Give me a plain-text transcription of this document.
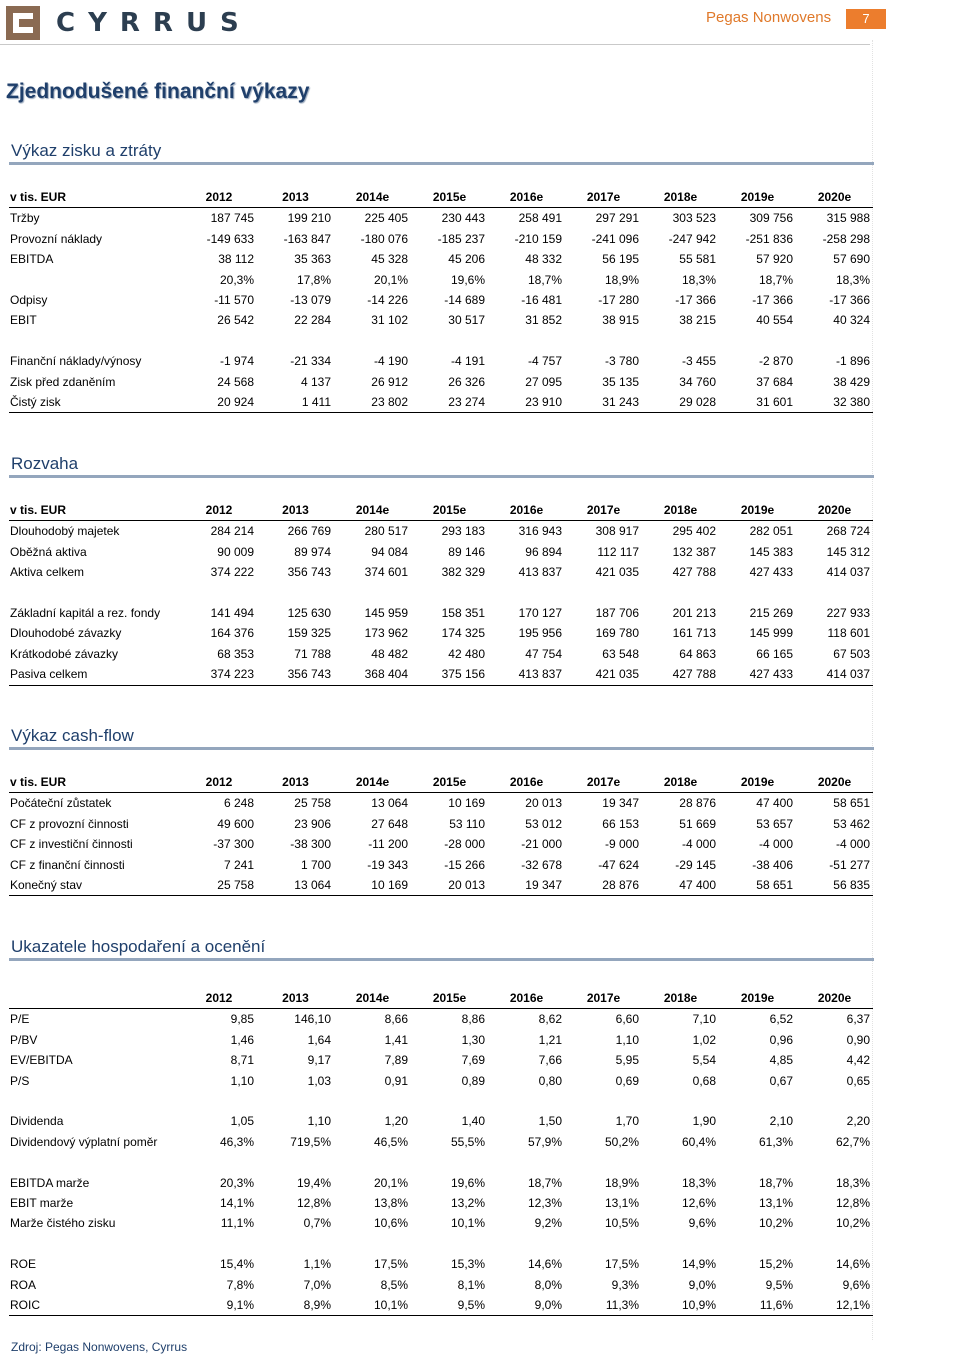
CYRRUS	Pegas Nonwovens	7
Zjednodušené finanční výkazy
Výkaz zisku a ztráty
v tis. EUR	2012	2013	2014e	2015e	2016e	2017e	2018e	2019e	2020e
Tržby	187 745	199 210	225 405	230 443	258 491	297 291	303 523	309 756	315 988
Provozní náklady	-149 633	-163 847	-180 076	-185 237	-210 159	-241 096	-247 942	-251 836	-258 298
EBITDA	38 112	35 363	45 328	45 206	48 332	56 195	55 581	57 920	57 690
	20,3%	17,8%	20,1%	19,6%	18,7%	18,9%	18,3%	18,7%	18,3%
Odpisy	-11 570	-13 079	-14 226	-14 689	-16 481	-17 280	-17 366	-17 366	-17 366
EBIT	26 542	22 284	31 102	30 517	31 852	38 915	38 215	40 554	40 324

Finanční náklady/výnosy	-1 974	-21 334	-4 190	-4 191	-4 757	-3 780	-3 455	-2 870	-1 896
Zisk před zdaněním	24 568	4 137	26 912	26 326	27 095	35 135	34 760	37 684	38 429
Čistý zisk	20 924	1 411	23 802	23 274	23 910	31 243	29 028	31 601	32 380
Rozvaha
v tis. EUR	2012	2013	2014e	2015e	2016e	2017e	2018e	2019e	2020e
Dlouhodobý majetek	284 214	266 769	280 517	293 183	316 943	308 917	295 402	282 051	268 724
Oběžná aktiva	90 009	89 974	94 084	89 146	96 894	112 117	132 387	145 383	145 312
Aktiva celkem	374 222	356 743	374 601	382 329	413 837	421 035	427 788	427 433	414 037

Základní kapitál a rez. fondy	141 494	125 630	145 959	158 351	170 127	187 706	201 213	215 269	227 933
Dlouhodobé závazky	164 376	159 325	173 962	174 325	195 956	169 780	161 713	145 999	118 601
Krátkodobé závazky	68 353	71 788	48 482	42 480	47 754	63 548	64 863	66 165	67 503
Pasiva celkem	374 223	356 743	368 404	375 156	413 837	421 035	427 788	427 433	414 037
Výkaz cash-flow
v tis. EUR	2012	2013	2014e	2015e	2016e	2017e	2018e	2019e	2020e
Počáteční zůstatek	6 248	25 758	13 064	10 169	20 013	19 347	28 876	47 400	58 651
CF z provozní činnosti	49 600	23 906	27 648	53 110	53 012	66 153	51 669	53 657	53 462
CF z investiční činnosti	-37 300	-38 300	-11 200	-28 000	-21 000	-9 000	-4 000	-4 000	-4 000
CF z finanční činnosti	7 241	1 700	-19 343	-15 266	-32 678	-47 624	-29 145	-38 406	-51 277
Konečný stav	25 758	13 064	10 169	20 013	19 347	28 876	47 400	58 651	56 835
Ukazatele hospodaření a ocenění
	2012	2013	2014e	2015e	2016e	2017e	2018e	2019e	2020e
P/E	9,85	146,10	8,66	8,86	8,62	6,60	7,10	6,52	6,37
P/BV	1,46	1,64	1,41	1,30	1,21	1,10	1,02	0,96	0,90
EV/EBITDA	8,71	9,17	7,89	7,69	7,66	5,95	5,54	4,85	4,42
P/S	1,10	1,03	0,91	0,89	0,80	0,69	0,68	0,67	0,65

Dividenda	1,05	1,10	1,20	1,40	1,50	1,70	1,90	2,10	2,20
Dividendový výplatní poměr	46,3%	719,5%	46,5%	55,5%	57,9%	50,2%	60,4%	61,3%	62,7%

EBITDA marže	20,3%	19,4%	20,1%	19,6%	18,7%	18,9%	18,3%	18,7%	18,3%
EBIT marže	14,1%	12,8%	13,8%	13,2%	12,3%	13,1%	12,6%	13,1%	12,8%
Marže čistého zisku	11,1%	0,7%	10,6%	10,1%	9,2%	10,5%	9,6%	10,2%	10,2%

ROE	15,4%	1,1%	17,5%	15,3%	14,6%	17,5%	14,9%	15,2%	14,6%
ROA	7,8%	7,0%	8,5%	8,1%	8,0%	9,3%	9,0%	9,5%	9,6%
ROIC	9,1%	8,9%	10,1%	9,5%	9,0%	11,3%	10,9%	11,6%	12,1%
Zdroj: Pegas Nonwovens, Cyrrus
